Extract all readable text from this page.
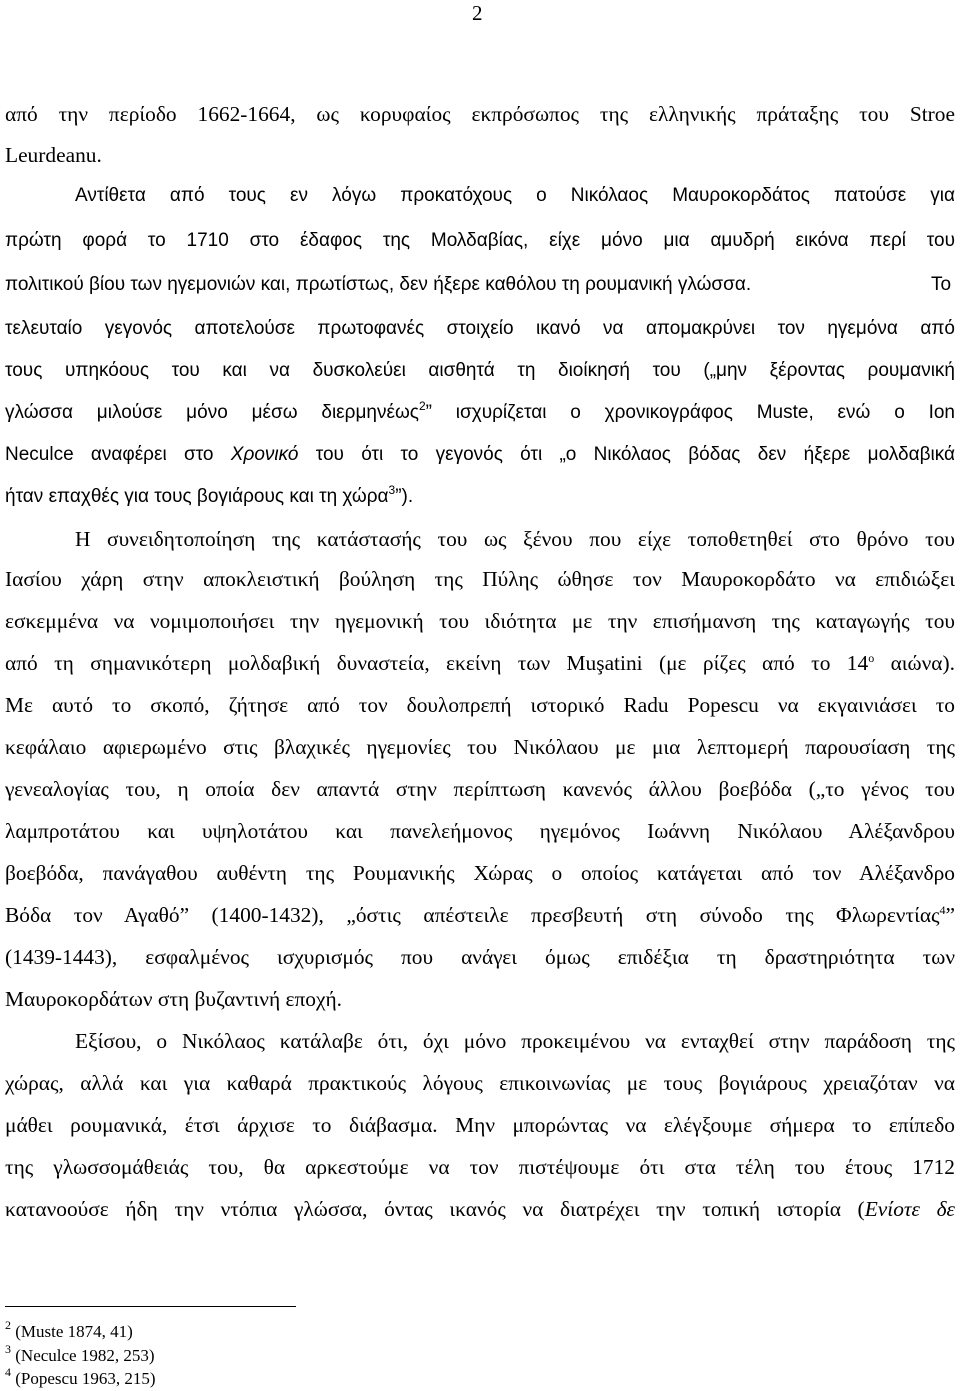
2
από την περίοδο 1662-1664, ως κορυφαίος εκπρόσωπος της ελληνικής πράταξης του Stroe
Leurdeanu.
Αντίθετα από τους εν λόγω προκατόχους ο Νικόλαος Μαυροκορδάτος πατούσε για
πρώτη φορά το 1710 στο έδαφος της Μολδαβίας, είχε μόνο μια αμυδρή εικόνα περί του
πολιτικού βίου των ηγεμονιών και, πρωτίστως, δεν ήξερε καθόλου τη ρουμανική γλώσσα.	Το
τελευταίο γεγονός αποτελούσε πρωτοφανές στοιχείο ικανό να απομακρύνει τον ηγεμόνα από
τους υπηκόους του και να δυσκολεύει αισθητά τη διοίκησή του („μην ξέροντας ρουμανική
γλώσσα μιλούσε μόνο μέσω διερμηνέως$^2$” ισχυρίζεται ο χρονικογράφος Muste, ενώ ο Ion
Neculce αναφέρει στο Χρονικό του ότι το γεγονός ότι „ο Νικόλαος βόδας δεν ήξερε μολδαβικά
ήταν επαχθές για τους βογιάρους και τη χώρα$^3$”).
Η συνειδητοποίηση της κατάστασής του ως ξένου που είχε τοποθετηθεί στο θρόνο του
Ιασίου χάρη στην αποκλειστική βούληση της Πύλης ώθησε τον Μαυροκορδάτο να επιδιώξει
εσκεμμένα να νομιμοποιήσει την ηγεμονική του ιδιότητα με την επισήμανση της καταγωγής του
από τη σημανικότερη μολδαβική δυναστεία, εκείνη των Muşatini (με ρίζες από το $14^o$ αιώνα).
Με αυτό το σκοπό, ζήτησε από τον δουλοπρεπή ιστορικό Radu Popescu να εκγαινιάσει το
κεφάλαιο αφιερωμένο στις βλαχικές ηγεμονίες του Νικόλαου με μια λεπτομερή παρουσίαση της
γενεαλογίας του, η οποία δεν απαντά στην περίπτωση κανενός άλλου βοεβόδα („το γένος του
λαμπροτάτου και υψηλοτάτου και πανελεήμονος ηγεμόνος Ιωάννη Νικόλαου Αλέξανδρου
βοεβόδα, πανάγαθου αυθέντη της Ρουμανικής Χώρας ο οποίος κατάγεται από τον Αλέξανδρο
Βόδα τον Αγαθό” (1400-1432), „όστις απέστειλε πρεσβευτή στη σύνοδο της Φλωρεντίας$^4$”
(1439-1443), εσφαλμένος ισχυρισμός που ανάγει όμως επιδέξια τη δραστηριότητα των
Μαυροκορδάτων στη βυζαντινή εποχή.
Εξίσου, ο Νικόλαος κατάλαβε ότι, όχι μόνο προκειμένου να ενταχθεί στην παράδοση της
χώρας, αλλά και για καθαρά πρακτικούς λόγους επικοινωνίας με τους βογιάρους χρειαζόταν να
μάθει ρουμανικά, έτσι άρχισε το διάβασμα. Μην μπορώντας να ελέγξουμε σήμερα το επίπεδο
της γλωσσομάθειάς του, θα αρκεστούμε να τον πιστέψουμε ότι στα τέλη του έτους 1712
κατανοούσε ήδη την ντόπια γλώσσα, όντας ικανός να διατρέχει την τοπική ιστορία (Ενίοτε δε
$^2$ (Muste 1874, 41)
$^3$ (Neculce 1982, 253)
$^4$ (Popescu 1963, 215)
